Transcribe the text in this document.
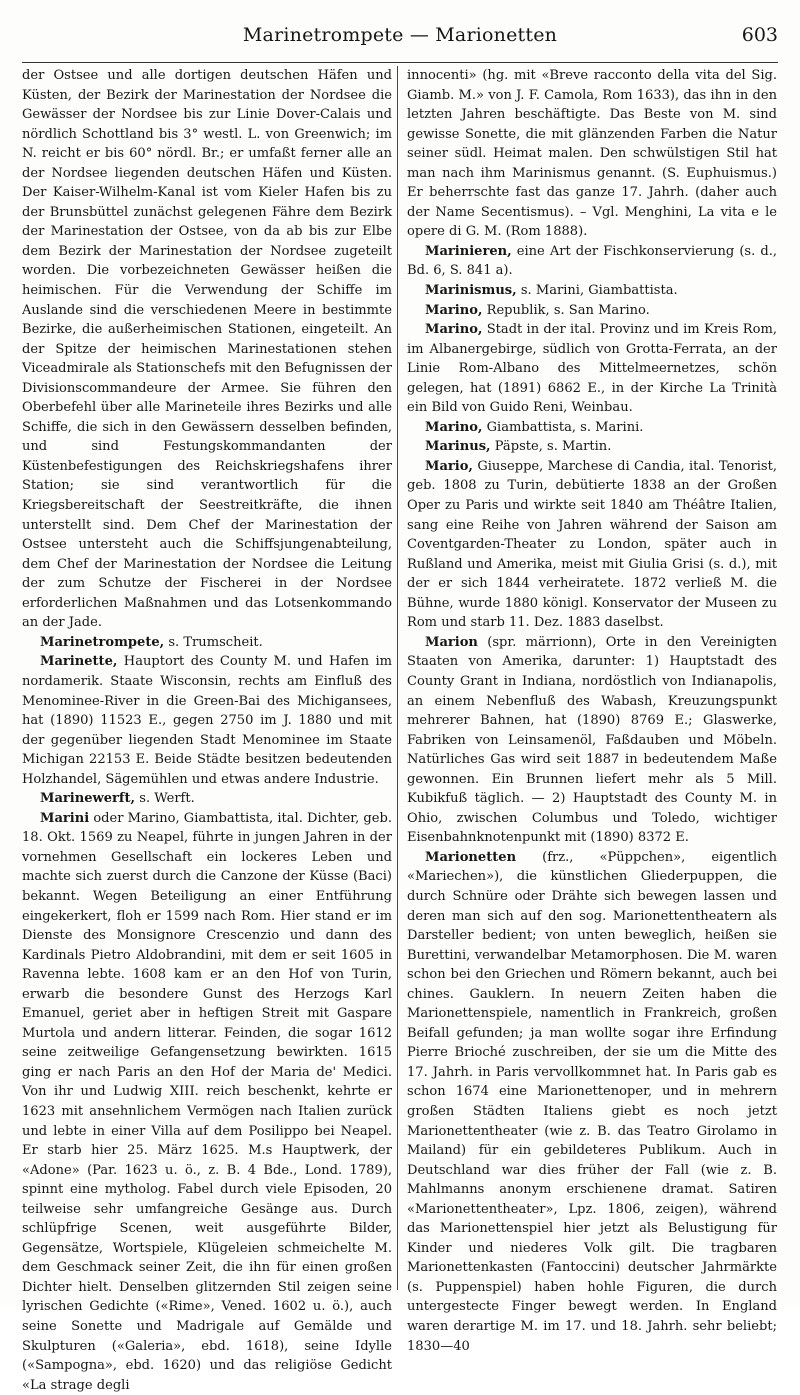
Marinetrompete — Marionetten	603

der Ostsee und alle dortigen deutschen Häfen und Küsten, der Bezirk der Marinestation der Nordsee die Gewässer der Nordsee bis zur Linie Dover-Calais und nördlich Schottland bis 3° westl. L. von Greenwich; im N. reicht er bis 60° nördl. Br.; er umfaßt ferner alle an der Nordsee liegenden deutschen Häfen und Küsten. Der Kaiser-Wilhelm-Kanal ist vom Kieler Hafen bis zu der Brunsbüttel zunächst gelegenen Fähre dem Bezirk der Marinestation der Ostsee, von da ab bis zur Elbe dem Bezirk der Marinestation der Nordsee zugeteilt worden. Die vorbezeichneten Gewässer heißen die heimischen. Für die Verwendung der Schiffe im Auslande sind die verschiedenen Meere in bestimmte Bezirke, die außerheimischen Stationen, eingeteilt. An der Spitze der heimischen Marinestationen stehen Viceadmirale als Stationschefs mit den Befugnissen der Divisionscommandeure der Armee. Sie führen den Oberbefehl über alle Marineteile ihres Bezirks und alle Schiffe, die sich in den Gewässern desselben befinden, und sind Festungskommandanten der Küstenbefestigungen des Reichskriegshafens ihrer Station; sie sind verantwortlich für die Kriegsbereitschaft der Seestreitkräfte, die ihnen unterstellt sind. Dem Chef der Marinestation der Ostsee untersteht auch die Schiffsjungenabteilung, dem Chef der Marinestation der Nordsee die Leitung der zum Schutze der Fischerei in der Nordsee erforderlichen Maßnahmen und das Lotsenkommando an der Jade.

Marinetrompete, s. Trumscheit.

Marinette, Hauptort des County M. und Hafen im nordamerik. Staate Wisconsin, rechts am Einfluß des Menominee-River in die Green-Bai des Michigansees, hat (1890) 11523 E., gegen 2750 im J. 1880 und mit der gegenüber liegenden Stadt Menominee im Staate Michigan 22153 E. Beide Städte besitzen bedeutenden Holzhandel, Sägemühlen und etwas andere Industrie.

Marinewerft, s. Werft.

Marini oder Marino, Giambattista, ital. Dichter, geb. 18. Okt. 1569 zu Neapel, führte in jungen Jahren in der vornehmen Gesellschaft ein lockeres Leben und machte sich zuerst durch die Canzone der Küsse (Baci) bekannt. Wegen Beteiligung an einer Entführung eingekerkert, floh er 1599 nach Rom. Hier stand er im Dienste des Monsignore Crescenzio und dann des Kardinals Pietro Aldobrandini, mit dem er seit 1605 in Ravenna lebte. 1608 kam er an den Hof von Turin, erwarb die besondere Gunst des Herzogs Karl Emanuel, geriet aber in heftigen Streit mit Gaspare Murtola und andern litterar. Feinden, die sogar 1612 seine zeitweilige Gefangensetzung bewirkten. 1615 ging er nach Paris an den Hof der Maria de' Medici. Von ihr und Ludwig XIII. reich beschenkt, kehrte er 1623 mit ansehnlichem Vermögen nach Italien zurück und lebte in einer Villa auf dem Posilippo bei Neapel. Er starb hier 25. März 1625. M.s Hauptwerk, der «Adone» (Par. 1623 u. ö., z. B. 4 Bde., Lond. 1789), spinnt eine mytholog. Fabel durch viele Episoden, 20 teilweise sehr umfangreiche Gesänge aus. Durch schlüpfrige Scenen, weit ausgeführte Bilder, Gegensätze, Wortspiele, Klügeleien schmeichelte M. dem Geschmack seiner Zeit, die ihn für einen großen Dichter hielt. Denselben glitzernden Stil zeigen seine lyrischen Gedichte («Rime», Vened. 1602 u. ö.), auch seine Sonette und Madrigale auf Gemälde und Skulpturen («Galeria», ebd. 1618), seine Idylle («Sampogna», ebd. 1620) und das religiöse Gedicht «La strage degli

innocenti» (hg. mit «Breve racconto della vita del Sig. Giamb. M.» von J. F. Camola, Rom 1633), das ihn in den letzten Jahren beschäftigte. Das Beste von M. sind gewisse Sonette, die mit glänzenden Farben die Natur seiner südl. Heimat malen. Den schwülstigen Stil hat man nach ihm Marinismus genannt. (S. Euphuismus.) Er beherrschte fast das ganze 17. Jahrh. (daher auch der Name Secentismus). – Vgl. Menghini, La vita e le opere di G. M. (Rom 1888).

Marinieren, eine Art der Fischkonservierung (s. d., Bd. 6, S. 841 a).

Marinismus, s. Marini, Giambattista.

Marino, Republik, s. San Marino.

Marino, Stadt in der ital. Provinz und im Kreis Rom, im Albanergebirge, südlich von Grotta-Ferrata, an der Linie Rom-Albano des Mittelmeernetzes, schön gelegen, hat (1891) 6862 E., in der Kirche La Trinità ein Bild von Guido Reni, Weinbau.

Marino, Giambattista, s. Marini.

Marinus, Päpste, s. Martin.

Mario, Giuseppe, Marchese di Candia, ital. Tenorist, geb. 1808 zu Turin, debütierte 1838 an der Großen Oper zu Paris und wirkte seit 1840 am Théâtre Italien, sang eine Reihe von Jahren während der Saison am Coventgarden-Theater zu London, später auch in Rußland und Amerika, meist mit Giulia Grisi (s. d.), mit der er sich 1844 verheiratete. 1872 verließ M. die Bühne, wurde 1880 königl. Konservator der Museen zu Rom und starb 11. Dez. 1883 daselbst.

Marion (spr. märrionn), Orte in den Vereinigten Staaten von Amerika, darunter: 1) Hauptstadt des County Grant in Indiana, nordöstlich von Indianapolis, an einem Nebenfluß des Wabash, Kreuzungspunkt mehrerer Bahnen, hat (1890) 8769 E.; Glaswerke, Fabriken von Leinsamenöl, Faßdauben und Möbeln. Natürliches Gas wird seit 1887 in bedeutendem Maße gewonnen. Ein Brunnen liefert mehr als 5 Mill. Kubikfuß täglich. — 2) Hauptstadt des County M. in Ohio, zwischen Columbus und Toledo, wichtiger Eisenbahnknotenpunkt mit (1890) 8372 E.

Marionetten (frz., «Püppchen», eigentlich «Mariechen»), die künstlichen Gliederpuppen, die durch Schnüre oder Drähte sich bewegen lassen und deren man sich auf den sog. Marionettentheatern als Darsteller bedient; von unten beweglich, heißen sie Burettini, verwandelbar Metamorphosen. Die M. waren schon bei den Griechen und Römern bekannt, auch bei chines. Gauklern. In neuern Zeiten haben die Marionettenspiele, namentlich in Frankreich, großen Beifall gefunden; ja man wollte sogar ihre Erfindung Pierre Brioché zuschreiben, der sie um die Mitte des 17. Jahrh. in Paris vervollkommnet hat. In Paris gab es schon 1674 eine Marionettenoper, und in mehrern großen Städten Italiens giebt es noch jetzt Marionettentheater (wie z. B. das Teatro Girolamo in Mailand) für ein gebildeteres Publikum. Auch in Deutschland war dies früher der Fall (wie z. B. Mahlmanns anonym erschienene dramat. Satiren «Marionettentheater», Lpz. 1806, zeigen), während das Marionettenspiel hier jetzt als Belustigung für Kinder und niederes Volk gilt. Die tragbaren Marionettenkasten (Fantoccini) deutscher Jahrmärkte (s. Puppenspiel) haben hohle Figuren, die durch untergestecte Finger bewegt werden. In England waren derartige M. im 17. und 18. Jahrh. sehr beliebt; 1830—40
